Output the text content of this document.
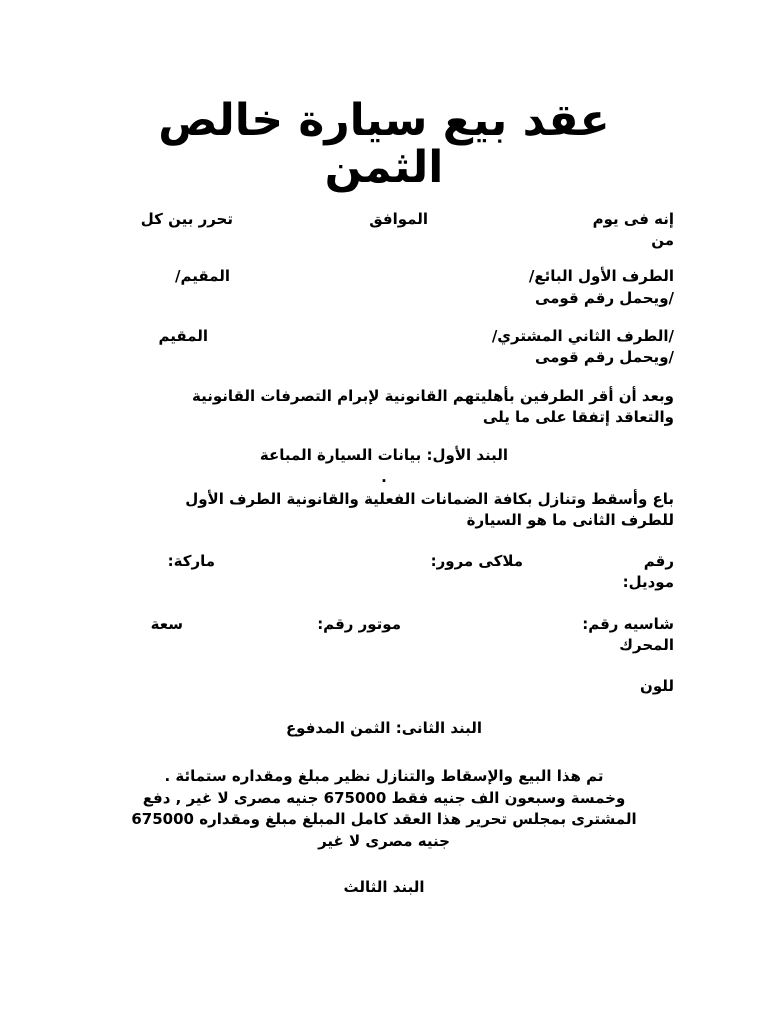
عقد بيع سيارة خالص
الثمن
إنه فى يوم
الموافق
تحرر بين كل
من
الطرف الأول البائع/
المقيم/
/ويحمل رقم قومى
/الطرف الثاني المشتري/
المقيم
/ويحمل رقم قومى
وبعد أن أقر الطرفين بأهليتهم القانونية لإبرام التصرفات القانونية
والتعاقد إتفقا على ما يلى
البند الأول: بيانات السيارة المباعة
.
باع وأسقط وتنازل بكافة الضمانات الفعلية والقانونية الطرف الأول
للطرف الثانى ما هو السيارة
رقم
ملاكى مرور:
ماركة:
موديل:
شاسيه رقم:
موتور رقم:
سعة
المحرك
للون
البند الثانى: الثمن المدفوع
تم هذا البيع والإسقاط والتنازل نظير مبلغ ومقداره ستمائة .
وخمسة وسبعون الف جنيه فقط 675000 جنيه مصرى لا غير , دفع
المشترى بمجلس تحرير هذا العقد كامل المبلغ مبلغ ومقداره 675000
جنيه مصرى لا غير
البند الثالث
